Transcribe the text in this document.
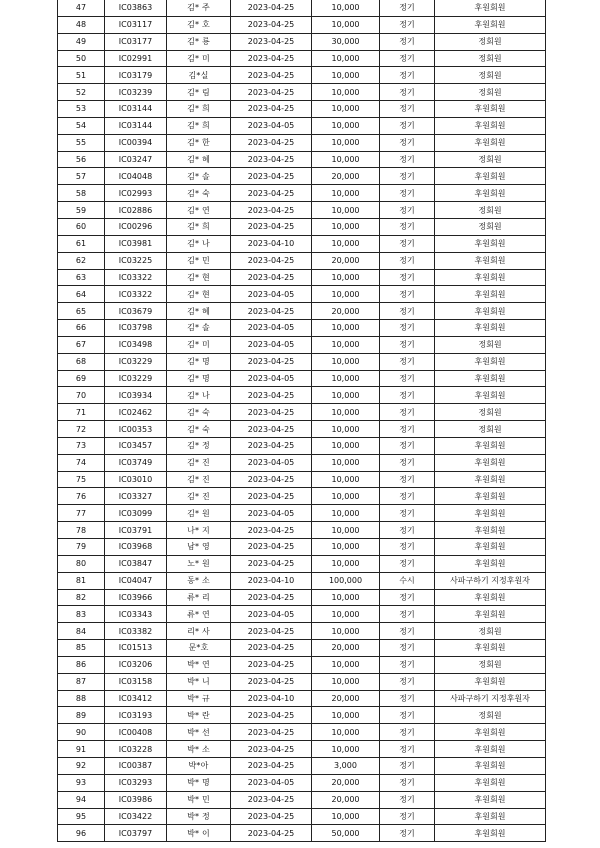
47	IC03863	김* 주	2023-04-25	10,000	정기	후원회원
48	IC03117	김* 호	2023-04-25	10,000	정기	후원회원
49	IC03177	김* 룡	2023-04-25	30,000	정기	정회원
50	IC02991	김* 미	2023-04-25	10,000	정기	정회원
51	IC03179	김*실	2023-04-25	10,000	정기	정회원
52	IC03239	김* 림	2023-04-25	10,000	정기	정회원
53	IC03144	김* 희	2023-04-25	10,000	정기	후원회원
54	IC03144	김* 희	2023-04-05	10,000	정기	후원회원
55	IC00394	김* 한	2023-04-25	10,000	정기	후원회원
56	IC03247	김* 혜	2023-04-25	10,000	정기	정회원
57	IC04048	김* 솔	2023-04-25	20,000	정기	후원회원
58	IC02993	김* 숙	2023-04-25	10,000	정기	후원회원
59	IC02886	김* 연	2023-04-25	10,000	정기	정회원
60	IC00296	김* 희	2023-04-25	10,000	정기	정회원
61	IC03981	김* 나	2023-04-10	10,000	정기	후원회원
62	IC03225	김* 민	2023-04-25	20,000	정기	후원회원
63	IC03322	김* 현	2023-04-25	10,000	정기	후원회원
64	IC03322	김* 현	2023-04-05	10,000	정기	후원회원
65	IC03679	김* 혜	2023-04-25	20,000	정기	후원회원
66	IC03798	김* 솔	2023-04-05	10,000	정기	후원회원
67	IC03498	김* 미	2023-04-05	10,000	정기	정회원
68	IC03229	김* 명	2023-04-25	10,000	정기	후원회원
69	IC03229	김* 명	2023-04-05	10,000	정기	후원회원
70	IC03934	김* 나	2023-04-25	10,000	정기	후원회원
71	IC02462	김* 숙	2023-04-25	10,000	정기	정회원
72	IC00353	김* 숙	2023-04-25	10,000	정기	정회원
73	IC03457	김* 정	2023-04-25	10,000	정기	후원회원
74	IC03749	김* 진	2023-04-05	10,000	정기	후원회원
75	IC03010	김* 진	2023-04-25	10,000	정기	후원회원
76	IC03327	김* 진	2023-04-25	10,000	정기	후원회원
77	IC03099	김* 원	2023-04-05	10,000	정기	후원회원
78	IC03791	나* 지	2023-04-25	10,000	정기	후원회원
79	IC03968	남* 영	2023-04-25	10,000	정기	후원회원
80	IC03847	노* 원	2023-04-25	10,000	정기	후원회원
81	IC04047	동* 소	2023-04-10	100,000	수시	사파구하기 지정후원자
82	IC03966	류* 리	2023-04-25	10,000	정기	후원회원
83	IC03343	류* 연	2023-04-05	10,000	정기	후원회원
84	IC03382	리* 사	2023-04-25	10,000	정기	정회원
85	IC01513	문*호	2023-04-25	20,000	정기	후원회원
86	IC03206	박* 연	2023-04-25	10,000	정기	정회원
87	IC03158	박* 니	2023-04-25	10,000	정기	후원회원
88	IC03412	박* 규	2023-04-10	20,000	정기	사파구하기 지정후원자
89	IC03193	박* 란	2023-04-25	10,000	정기	정회원
90	IC00408	박* 선	2023-04-25	10,000	정기	후원회원
91	IC03228	박* 소	2023-04-25	10,000	정기	후원회원
92	IC00387	박*아	2023-04-25	3,000	정기	후원회원
93	IC03293	박* 명	2023-04-05	20,000	정기	후원회원
94	IC03986	박* 민	2023-04-25	20,000	정기	후원회원
95	IC03422	박* 정	2023-04-25	10,000	정기	후원회원
96	IC03797	박* 이	2023-04-25	50,000	정기	후원회원
